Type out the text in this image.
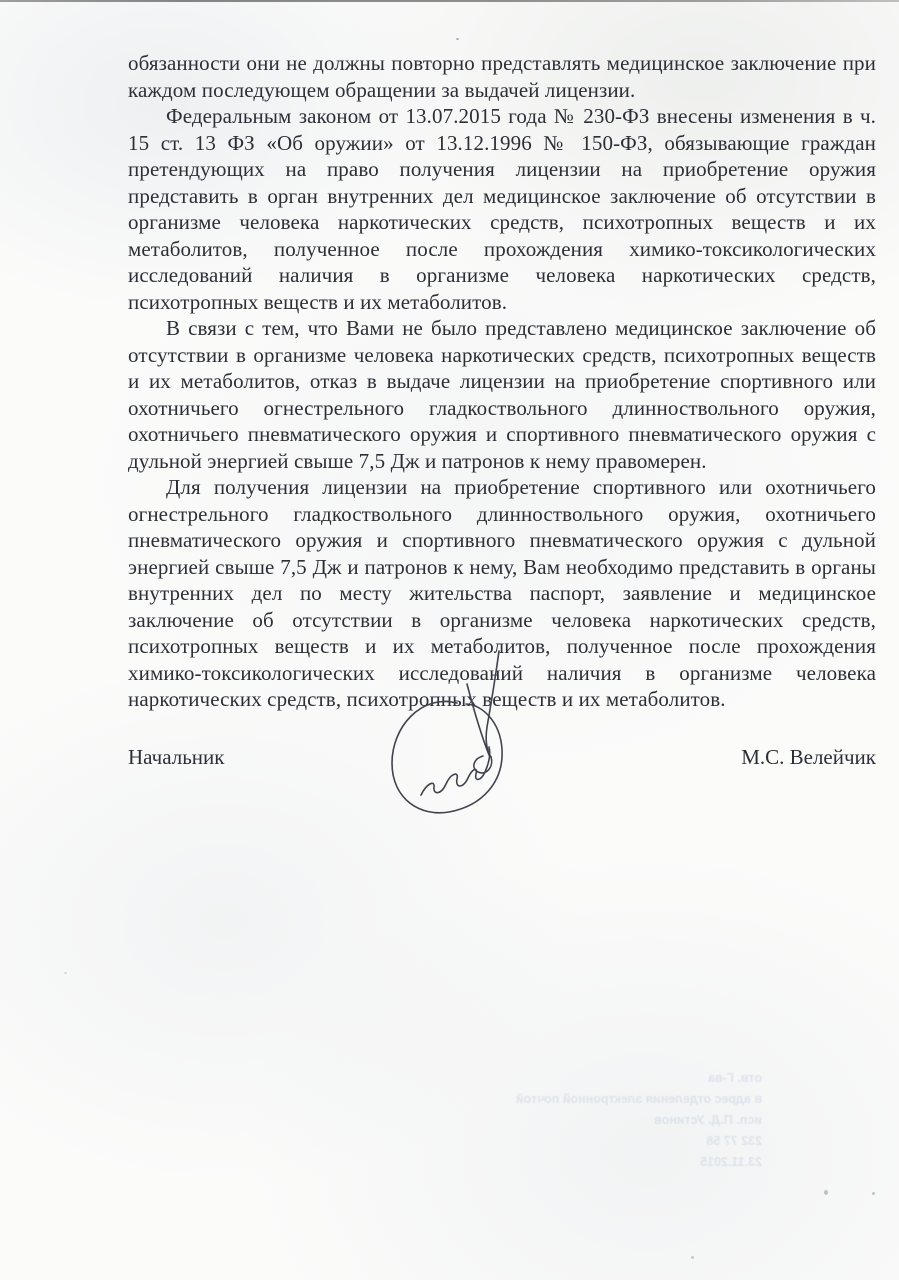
обязанности они не должны повторно представлять медицинское заключение при каждом последующем обращении за выдачей лицензии.

Федеральным законом от 13.07.2015 года № 230-ФЗ внесены изменения в ч. 15 ст. 13 ФЗ «Об оружии» от 13.12.1996 № 150-ФЗ, обязывающие граждан претендующих на право получения лицензии на приобретение оружия представить в орган внутренних дел медицинское заключение об отсутствии в организме человека наркотических средств, психотропных веществ и их метаболитов, полученное после прохождения химико-токсикологических исследований наличия в организме человека наркотических средств, психотропных веществ и их метаболитов.

В связи с тем, что Вами не было представлено медицинское заключение об отсутствии в организме человека наркотических средств, психотропных веществ и их метаболитов, отказ в выдаче лицензии на приобретение спортивного или охотничьего огнестрельного гладкоствольного длинноствольного оружия, охотничьего пневматического оружия и спортивного пневматического оружия с дульной энергией свыше 7,5 Дж и патронов к нему правомерен.

Для получения лицензии на приобретение спортивного или охотничьего огнестрельного гладкоствольного длинноствольного оружия, охотничьего пневматического оружия и спортивного пневматического оружия с дульной энергией свыше 7,5 Дж и патронов к нему, Вам необходимо представить в органы внутренних дел по месту жительства паспорт, заявление и медицинское заключение об отсутствии в организме человека наркотических средств, психотропных веществ и их метаболитов, полученное после прохождения химико-токсикологических исследований наличия в организме человека наркотических средств, психотропных веществ и их метаболитов.

Начальник	М.С. Велейчик
отв. Г-ва
в адрес отделения электронной почтой
исп. П.Д. Устинов
232 77 58
23.11.2015
